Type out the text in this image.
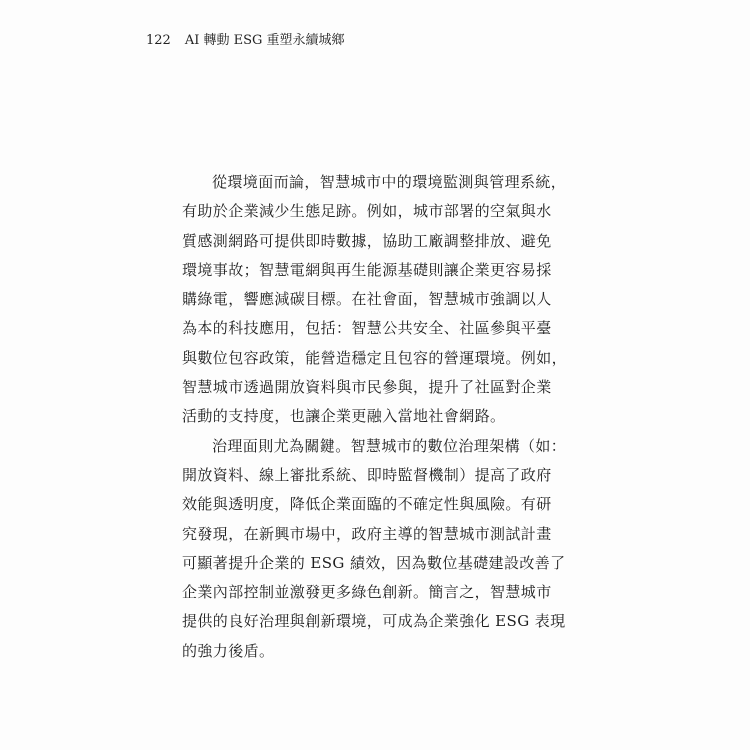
122 AI 轉動 ESG 重塑永續城鄉
從環境面而論，智慧城市中的環境監測與管理系統，
有助於企業減少生態足跡。例如，城市部署的空氣與水
質感測網路可提供即時數據，協助工廠調整排放、避免
環境事故；智慧電網與再生能源基礎則讓企業更容易採
購綠電，響應減碳目標。在社會面，智慧城市強調以人
為本的科技應用，包括：智慧公共安全、社區參與平臺
與數位包容政策，能營造穩定且包容的營運環境。例如，
智慧城市透過開放資料與市民參與，提升了社區對企業
活動的支持度，也讓企業更融入當地社會網路。
治理面則尤為關鍵。智慧城市的數位治理架構（如：
開放資料、線上審批系統、即時監督機制）提高了政府
效能與透明度，降低企業面臨的不確定性與風險。有研
究發現，在新興市場中，政府主導的智慧城市測試計畫
可顯著提升企業的 ESG 績效，因為數位基礎建設改善了
企業內部控制並激發更多綠色創新。簡言之，智慧城市
提供的良好治理與創新環境，可成為企業強化 ESG 表現
的強力後盾。
